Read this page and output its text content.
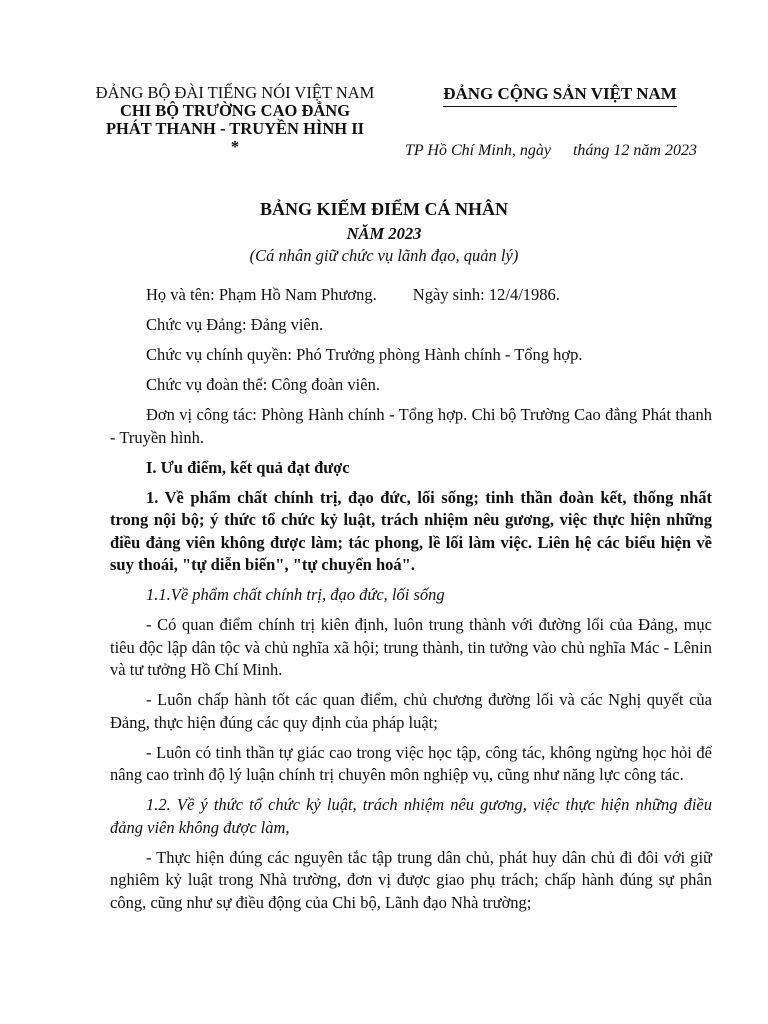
ĐẢNG BỘ ĐÀI TIẾNG NÓI VIỆT NAM
CHI BỘ TRƯỜNG CAO ĐẲNG
PHÁT THANH - TRUYỀN HÌNH II
*
ĐẢNG CỘNG SẢN VIỆT NAM
TP Hồ Chí Minh, ngày tháng 12 năm 2023
BẢNG KIẾM ĐIỂM CÁ NHÂN
NĂM 2023
(Cá nhân giữ chức vụ lãnh đạo, quản lý)

Họ và tên: Phạm Hồ Nam Phương. Ngày sinh: 12/4/1986.

Chức vụ Đảng: Đảng viên.

Chức vụ chính quyền: Phó Trưởng phòng Hành chính - Tổng hợp.

Chức vụ đoàn thể: Công đoàn viên.

Đơn vị công tác: Phòng Hành chính - Tổng hợp. Chi bộ Trường Cao đẳng Phát thanh - Truyền hình.

I. Ưu điểm, kết quả đạt được

1. Về phẩm chất chính trị, đạo đức, lối sống; tinh thần đoàn kết, thống nhất trong nội bộ; ý thức tổ chức kỷ luật, trách nhiệm nêu gương, việc thực hiện những điều đảng viên không được làm; tác phong, lề lối làm việc. Liên hệ các biểu hiện về suy thoái, "tự diễn biến", "tự chuyển hoá".

1.1.Về phẩm chất chính trị, đạo đức, lối sống

- Có quan điểm chính trị kiên định, luôn trung thành với đường lối của Đảng, mục tiêu độc lập dân tộc và chủ nghĩa xã hội; trung thành, tin tưởng vào chủ nghĩa Mác - Lênin và tư tưởng Hồ Chí Minh.

- Luôn chấp hành tốt các quan điểm, chủ chương đường lối và các Nghị quyết của Đảng, thực hiện đúng các quy định của pháp luật;

- Luôn có tinh thần tự giác cao trong việc học tập, công tác, không ngừng học hỏi để nâng cao trình độ lý luận chính trị chuyên môn nghiệp vụ, cũng như năng lực công tác.

1.2. Về ý thức tổ chức kỷ luật, trách nhiệm nêu gương, việc thực hiện những điều đảng viên không được làm,

- Thực hiện đúng các nguyên tắc tập trung dân chủ, phát huy dân chủ đi đôi với giữ nghiêm kỷ luật trong Nhà trường, đơn vị được giao phụ trách; chấp hành đúng sự phân công, cũng như sự điều động của Chi bộ, Lãnh đạo Nhà trường;
